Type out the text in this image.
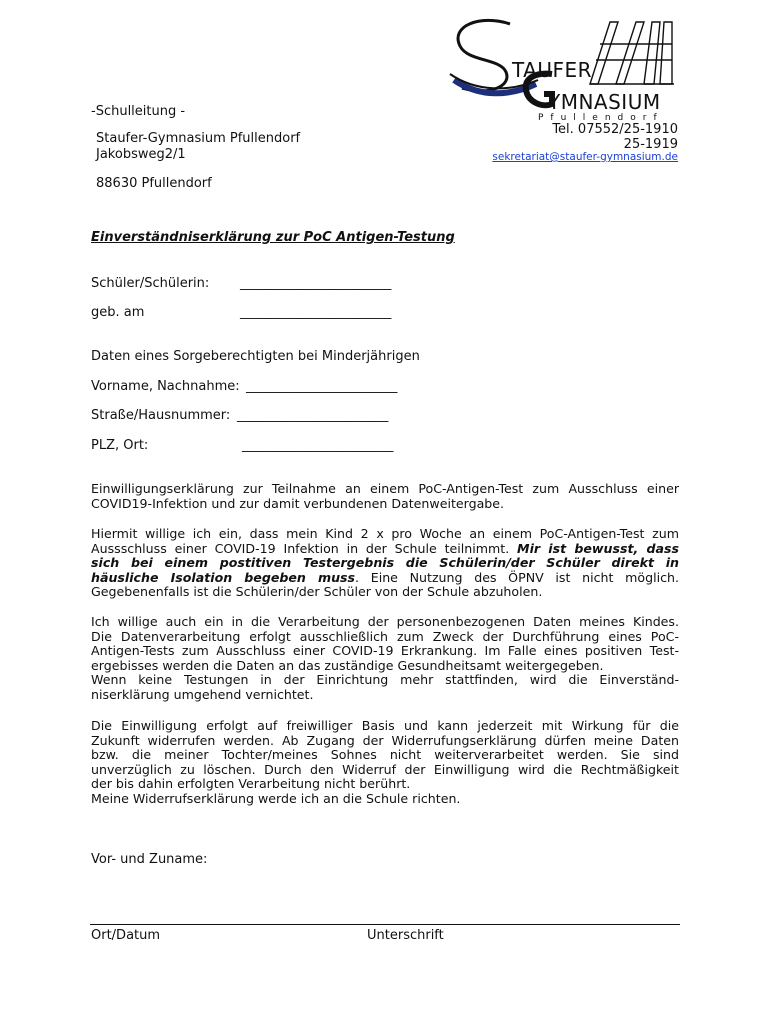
TAUFER
YMNASIUM
Pfullendorf
-Schulleitung -
Staufer-Gymnasium Pfullendorf
Jakobsweg2/1
88630 Pfullendorf
Tel. 07552/25-1910
25-1919
sekretariat@staufer-gymnasium.de
Einverständniserklärung zur PoC Antigen-Testung
Schüler/Schülerin: ________________________
geb. am	________________________
Daten eines Sorgeberechtigten bei Minderjährigen
Vorname, Nachnahme: ________________________
Straße/Hausnummer: ________________________
PLZ, Ort:	________________________
Einwilligungserklärung zur Teilnahme an einem PoC-Antigen-Test zum Ausschluss einer
COVID19-Infektion und zur damit verbundenen Datenweitergabe.
Hiermit willige ich ein, dass mein Kind 2 x pro Woche an einem PoC-Antigen-Test zum
Aussschluss einer COVID-19 Infektion in der Schule teilnimmt. Mir ist bewusst, dass
sich bei einem postitiven Testergebnis die Schülerin/der Schüler direkt in
häusliche Isolation begeben muss. Eine Nutzung des ÖPNV ist nicht möglich.
Gegebenenfalls ist die Schülerin/der Schüler von der Schule abzuholen.
Ich willige auch ein in die Verarbeitung der personenbezogenen Daten meines Kindes.
Die Datenverarbeitung erfolgt ausschließlich zum Zweck der Durchführung eines PoC-
Antigen-Tests zum Ausschluss einer COVID-19 Erkrankung. Im Falle eines positiven Test-
ergebisses werden die Daten an das zuständige Gesundheitsamt weitergegeben.
Wenn keine Testungen in der Einrichtung mehr stattfinden, wird die Einverständ-
niserklärung umgehend vernichtet.
Die Einwilligung erfolgt auf freiwilliger Basis und kann jederzeit mit Wirkung für die
Zukunft widerrufen werden. Ab Zugang der Widerrufungserklärung dürfen meine Daten
bzw. die meiner Tochter/meines Sohnes nicht weiterverarbeitet werden. Sie sind
unverzüglich zu löschen. Durch den Widerruf der Einwilligung wird die Rechtmäßigkeit
der bis dahin erfolgten Verarbeitung nicht berührt.
Meine Widerrufserklärung werde ich an die Schule richten.
Vor- und Zuname:
Ort/Datum	Unterschrift
